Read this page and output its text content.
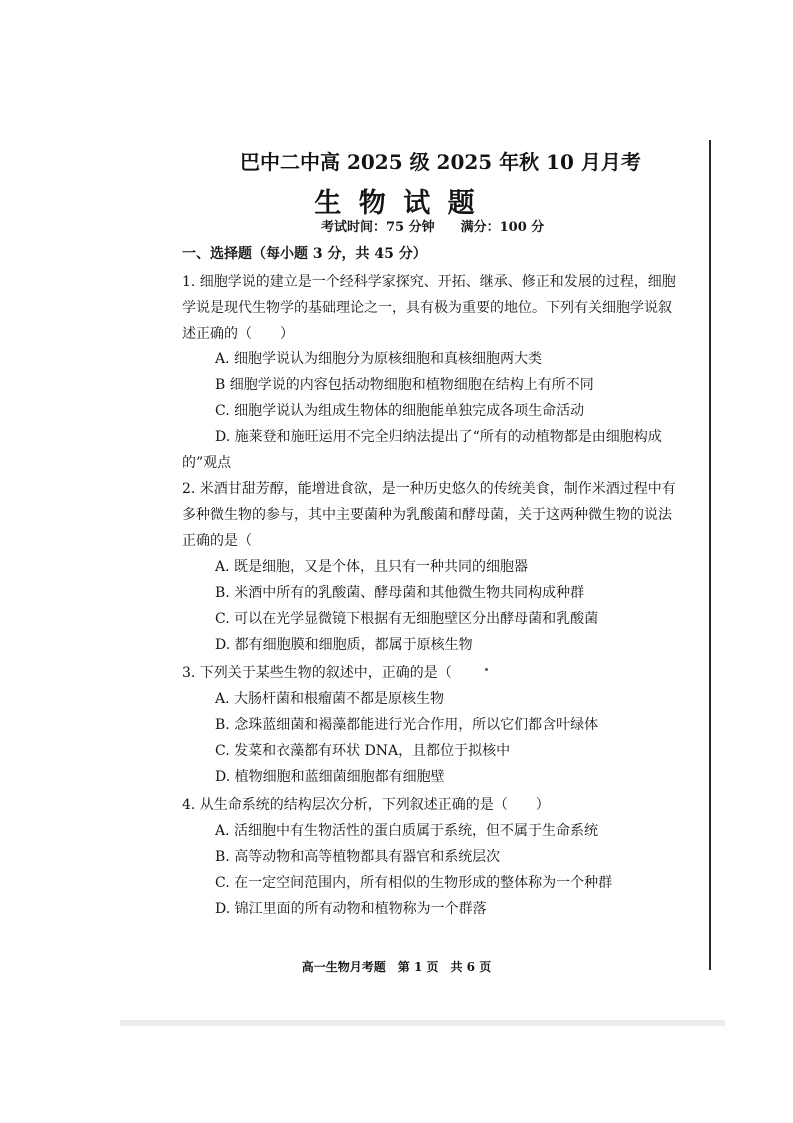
巴中二中高 2025 级 2025 年秋 10 月月考
生 物 试 题
考试时间：75 分钟 满分：100 分
一、选择题（每小题 3 分，共 45 分）
1. 细胞学说的建立是一个经科学家探究、开拓、继承、修正和发展的过程，细胞学说是现代生物学的基础理论之一，具有极为重要的地位。下列有关细胞学说叙述正确的（　　）
A. 细胞学说认为细胞分为原核细胞和真核细胞两大类
B 细胞学说的内容包括动物细胞和植物细胞在结构上有所不同
C. 细胞学说认为组成生物体的细胞能单独完成各项生命活动
D. 施莱登和施旺运用不完全归纳法提出了“所有的动植物都是由细胞构成
的”观点
2. 米酒甘甜芳醇，能增进食欲，是一种历史悠久的传统美食，制作米酒过程中有多种微生物的参与，其中主要菌种为乳酸菌和酵母菌，关于这两种微生物的说法正确的是（
A. 既是细胞，又是个体，且只有一种共同的细胞器
B. 米酒中所有的乳酸菌、酵母菌和其他微生物共同构成种群
C. 可以在光学显微镜下根据有无细胞壁区分出酵母菌和乳酸菌
D. 都有细胞膜和细胞质，都属于原核生物
3. 下列关于某些生物的叙述中，正确的是（
A. 大肠杆菌和根瘤菌不都是原核生物
B. 念珠蓝细菌和褐藻都能进行光合作用，所以它们都含叶绿体
C. 发菜和衣藻都有环状 DNA，且都位于拟核中
D. 植物细胞和蓝细菌细胞都有细胞壁
4. 从生命系统的结构层次分析，下列叙述正确的是（　　）
A. 活细胞中有生物活性的蛋白质属于系统，但不属于生命系统
B. 高等动物和高等植物都具有器官和系统层次
C. 在一定空间范围内，所有相似的生物形成的整体称为一个种群
D. 锦江里面的所有动物和植物称为一个群落
高一生物月考题　第 1 页　共 6 页
